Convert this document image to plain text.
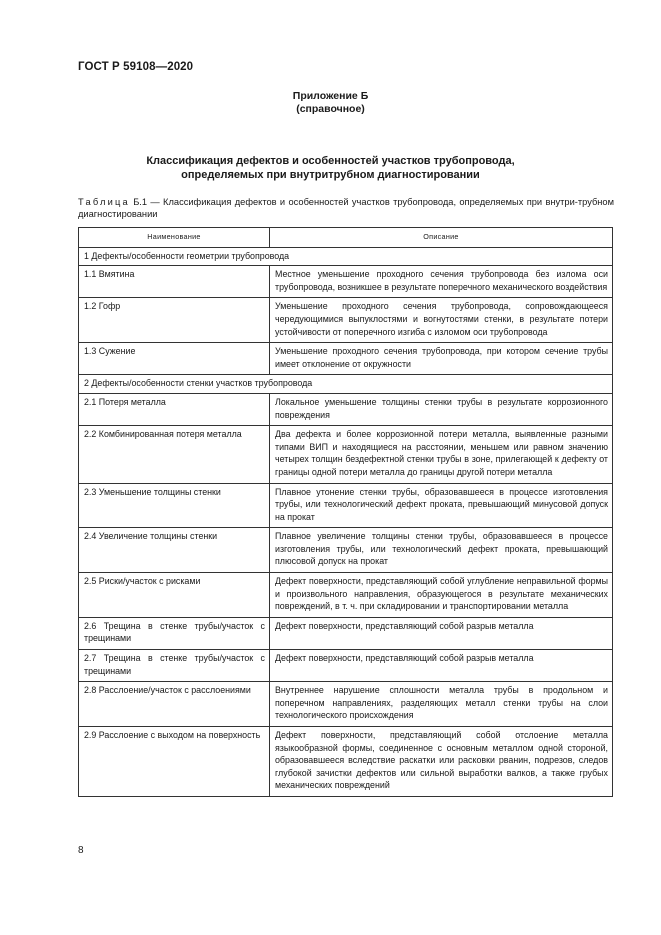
ГОСТ Р 59108—2020
Приложение Б
(справочное)
Классификация дефектов и особенностей участков трубопровода,
определяемых при внутритрубном диагностировании
Таблица Б.1 — Классификация дефектов и особенностей участков трубопровода, определяемых при внутри-трубном диагностировании
Наименование	Описание
1 Дефекты/особенности геометрии трубопровода	
1.1 Вмятина	Местное уменьшение проходного сечения трубопровода без излома оси трубопровода, возникшее в результате поперечного механического воздействия
1.2 Гофр	Уменьшение проходного сечения трубопровода, сопровождающееся чередующимися выпуклостями и вогнутостями стенки, в результате потери устойчивости от поперечного изгиба с изломом оси трубопровода
1.3 Сужение	Уменьшение проходного сечения трубопровода, при котором сечение трубы имеет отклонение от окружности
2 Дефекты/особенности стенки участков трубопровода	
2.1 Потеря металла	Локальное уменьшение толщины стенки трубы в результате коррозионного повреждения
2.2 Комбинированная потеря металла	Два дефекта и более коррозионной потери металла, выявленные разными типами ВИП и находящиеся на расстоянии, меньшем или равном значению четырех толщин бездефектной стенки трубы в зоне, прилегающей к дефекту от границы одной потери металла до границы другой потери металла
2.3 Уменьшение толщины стенки	Плавное утонение стенки трубы, образовавшееся в процессе изготовления трубы, или технологический дефект проката, превышающий минусовой допуск на прокат
2.4 Увеличение толщины стенки	Плавное увеличение толщины стенки трубы, образовавшееся в процессе изготовления трубы, или технологический дефект проката, превышающий плюсовой допуск на прокат
2.5 Риски/участок с рисками	Дефект поверхности, представляющий собой углубление неправильной формы и произвольного направления, образующегося в результате механических повреждений, в т. ч. при складировании и транспортировании металла
2.6 Трещина в стенке трубы/участок с трещинами	Дефект поверхности, представляющий собой разрыв металла
2.7 Трещина в стенке трубы/участок с трещинами	Дефект поверхности, представляющий собой разрыв металла
2.8 Расслоение/участок с расслоениями	Внутреннее нарушение сплошности металла трубы в продольном и поперечном направлениях, разделяющих металл стенки трубы на слои технологического происхождения
2.9 Расслоение с выходом на поверхность	Дефект поверхности, представляющий собой отслоение металла языкообразной формы, соединенное с основным металлом одной стороной, образовавшееся вследствие раскатки или расковки рванин, подрезов, следов глубокой зачистки дефектов или сильной выработки валков, а также грубых механических повреждений
8
